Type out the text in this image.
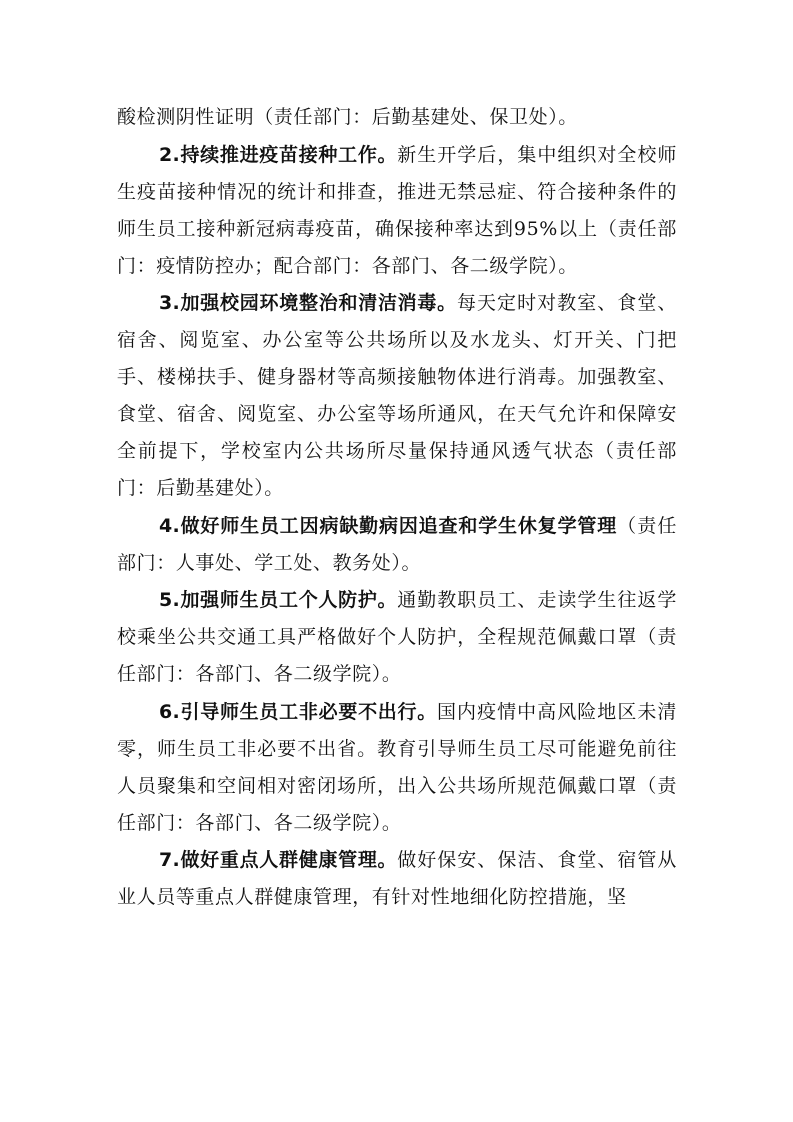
酸检测阴性证明（责任部门：后勤基建处、保卫处）。

2.持续推进疫苗接种工作。新生开学后，集中组织对全校师生疫苗接种情况的统计和排查，推进无禁忌症、符合接种条件的师生员工接种新冠病毒疫苗，确保接种率达到95%以上（责任部门：疫情防控办；配合部门：各部门、各二级学院）。

3.加强校园环境整治和清洁消毒。每天定时对教室、食堂、宿舍、阅览室、办公室等公共场所以及水龙头、灯开关、门把手、楼梯扶手、健身器材等高频接触物体进行消毒。加强教室、食堂、宿舍、阅览室、办公室等场所通风，在天气允许和保障安全前提下，学校室内公共场所尽量保持通风透气状态（责任部门：后勤基建处）。

4.做好师生员工因病缺勤病因追查和学生休复学管理（责任部门：人事处、学工处、教务处）。

5.加强师生员工个人防护。通勤教职员工、走读学生往返学校乘坐公共交通工具严格做好个人防护，全程规范佩戴口罩（责任部门：各部门、各二级学院）。

6.引导师生员工非必要不出行。国内疫情中高风险地区未清零，师生员工非必要不出省。教育引导师生员工尽可能避免前往人员聚集和空间相对密闭场所，出入公共场所规范佩戴口罩（责任部门：各部门、各二级学院）。

7.做好重点人群健康管理。做好保安、保洁、食堂、宿管从业人员等重点人群健康管理，有针对性地细化防控措施，坚
